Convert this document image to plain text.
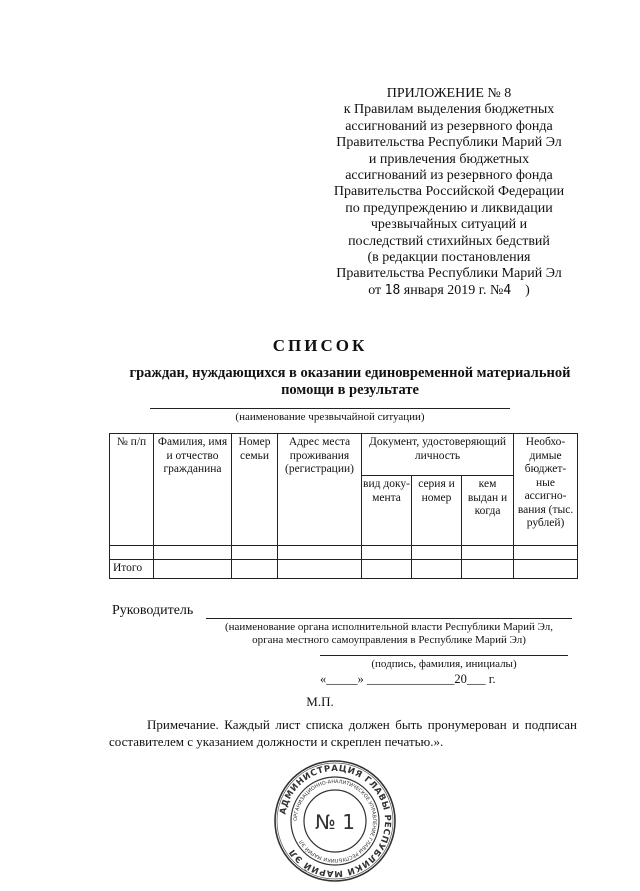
ПРИЛОЖЕНИЕ № 8
к Правилам выделения бюджетных
ассигнований из резервного фонда
Правительства Республики Марий Эл
и привлечения бюджетных
ассигнований из резервного фонда
Правительства Российской Федерации
по предупреждению и ликвидации
чрезвычайных ситуаций и
последствий стихийных бедствий
(в редакции постановления
Правительства Республики Марий Эл
от 18 января 2019 г. №4 )
СПИСОК
граждан, нуждающихся в оказании единовременной материальной
помощи в результате
(наименование чрезвычайной ситуации)
№ п/п	Фамилия, имя и отчество гражданина	Номер семьи	Адрес места проживания (регистрации)	Документ, удостоверяющий личность			Необхо- димые бюджет- ные ассигно- вания (тыс. рублей)
				вид доку- мента	серия и номер	кем выдан и когда	

Итого							
Руководитель
(наименование органа исполнительной власти Республики Марий Эл,
органа местного самоуправления в Республике Марий Эл)
(подпись, фамилия, инициалы)
«_____» ______________20___ г.
М.П.
Примечание. Каждый лист списка должен быть пронумерован и подписан составителем с указанием должности и скреплен печатью.».
АДМИНИСТРАЦИЯ ГЛАВЫ РЕСПУБЛИКИ МАРИЙ ЭЛ
ОРГАНИЗАЦИОННО-АНАЛИТИЧЕСКОЕ УПРАВЛЕНИЕ ГЛАВЫ РЕСПУБЛИКИ МАРИЙ ЭЛ
№ 1
